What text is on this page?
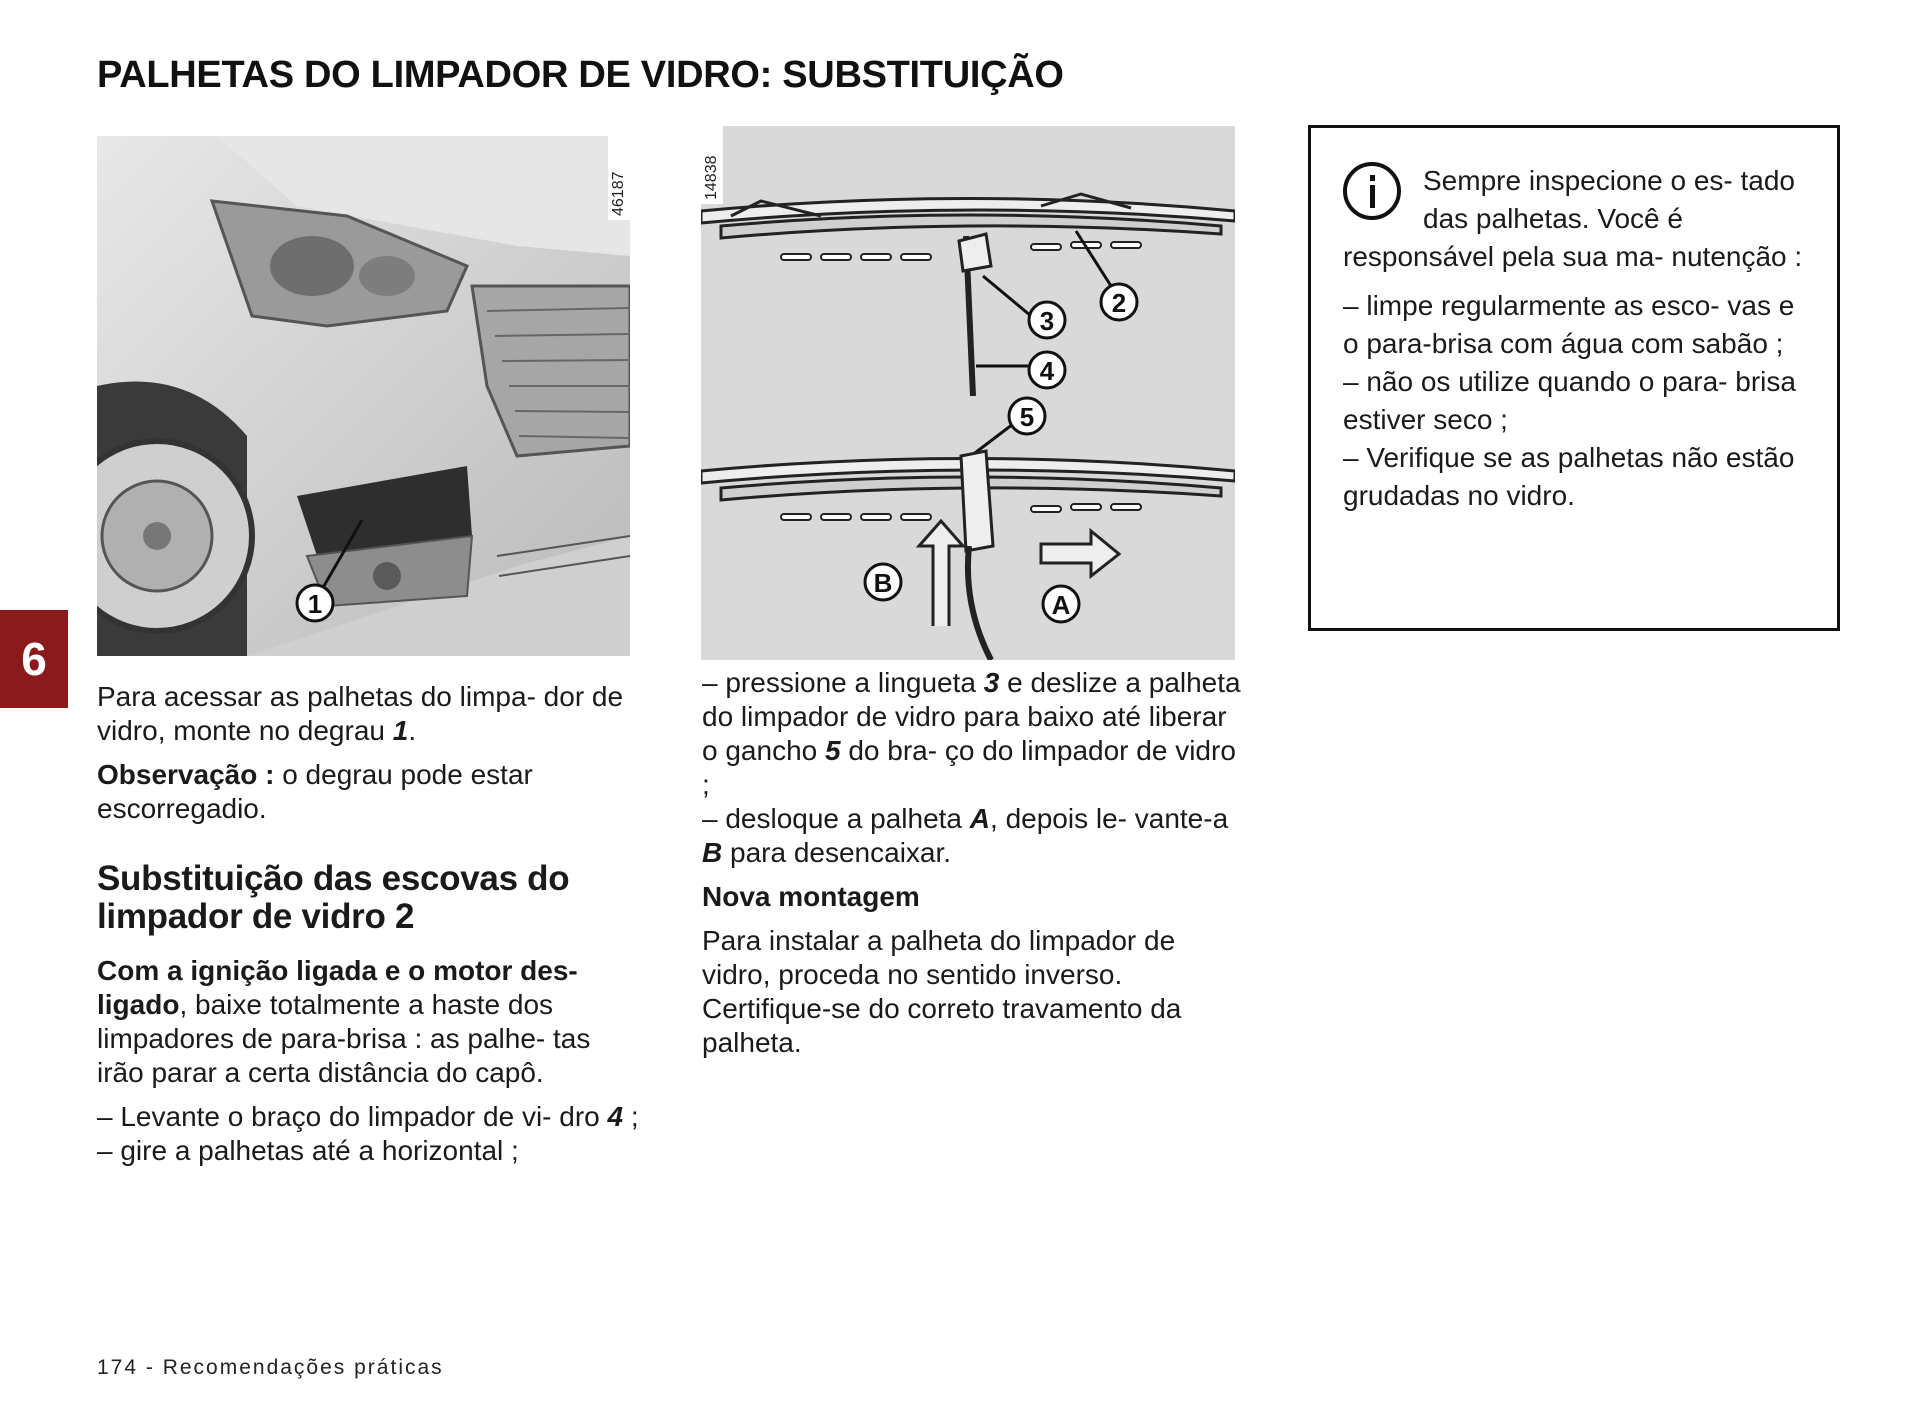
PALHETAS DO LIMPADOR DE VIDRO: SUBSTITUIÇÃO
1
46187
3
2
4
5
B
A
14838
6

Para acessar as palhetas do limpa- dor de vidro, monte no degrau 1.

Observação : o degrau pode estar escorregadio.

Substituição das escovas do limpador de vidro 2

Com a ignição ligada e o motor des- ligado, baixe totalmente a haste dos limpadores de para-brisa : as palhe- tas irão parar a certa distância do capô.

– Levante o braço do limpador de vi- dro 4 ;

– gire a palhetas até a horizontal ;

– pressione a lingueta 3 e deslize a palheta do limpador de vidro para baixo até liberar o gancho 5 do bra- ço do limpador de vidro ;

– desloque a palheta A, depois le- vante-a B para desencaixar.

Nova montagem

Para instalar a palheta do limpador de vidro, proceda no sentido inverso. Certifique-se do correto travamento da palheta.

Sempre inspecione o es- tado das palhetas. Você é responsável pela sua ma- nutenção :

– limpe regularmente as esco- vas e o para-brisa com água com sabão ;

– não os utilize quando o para- brisa estiver seco ;

– Verifique se as palhetas não estão grudadas no vidro.

174 - Recomendações práticas
